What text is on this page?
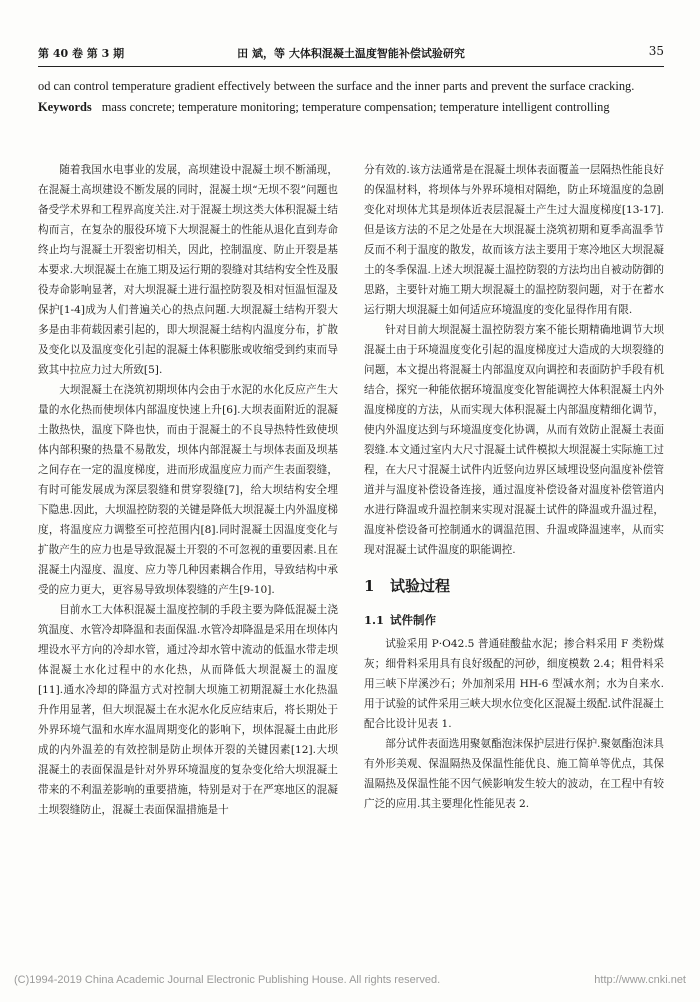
第 40 卷 第 3 期	田 斌，等 大体积混凝土温度智能补偿试验研究	35

od can control temperature gradient effectively between the surface and the inner parts and prevent the surface cracking.

Keywords mass concrete; temperature monitoring; temperature compensation; temperature intelligent controlling

随着我国水电事业的发展，高坝建设中混凝土坝不断涌现，在混凝土高坝建设不断发展的同时，混凝土坝“无坝不裂”问题也备受学术界和工程界高度关注.对于混凝土坝这类大体积混凝土结构而言，在复杂的服役环境下大坝混凝土的性能从退化直到寿命终止均与混凝土开裂密切相关，因此，控制温度、防止开裂是基本要求.大坝混凝土在施工期及运行期的裂缝对其结构安全性及服役寿命影响显著，对大坝混凝土进行温控防裂及相对恒温恒湿及保护[1-4]成为人们普遍关心的热点问题.大坝混凝土结构开裂大多是由非荷载因素引起的，即大坝混凝土结构内温度分布，扩散及变化以及温度变化引起的混凝土体积膨胀或收缩受到约束而导致其中拉应力过大所致[5].

大坝混凝土在浇筑初期坝体内会由于水泥的水化反应产生大量的水化热而使坝体内部温度快速上升[6].大坝表面附近的混凝土散热快，温度下降也快，而由于混凝土的不良导热特性致使坝体内部积聚的热量不易散发，坝体内部混凝土与坝体表面及坝基之间存在一定的温度梯度，进而形成温度应力而产生表面裂缝，有时可能发展成为深层裂缝和贯穿裂缝[7]，给大坝结构安全埋下隐患.因此，大坝温控防裂的关键是降低大坝混凝土内外温度梯度，将温度应力调整至可控范围内[8].同时混凝土因温度变化与扩散产生的应力也是导致混凝土开裂的不可忽视的重要因素.且在混凝土内湿度、温度、应力等几种因素耦合作用，导致结构中承受的应力更大，更容易导致坝体裂缝的产生[9-10].

目前水工大体积混凝土温度控制的手段主要为降低混凝土浇筑温度、水管冷却降温和表面保温.水管冷却降温是采用在坝体内埋设水平方向的冷却水管，通过冷却水管中流动的低温水带走坝体混凝土水化过程中的水化热，从而降低大坝混凝土的温度[11].通水冷却的降温方式对控制大坝施工初期混凝土水化热温升作用显著，但大坝混凝土在水泥水化反应结束后，将长期处于外界环境气温和水库水温周期变化的影响下，坝体混凝土由此形成的内外温差的有效控制是防止坝体开裂的关键因素[12].大坝混凝土的表面保温是针对外界环境温度的复杂变化给大坝混凝土带来的不利温差影响的重要措施，特别是对于在严寒地区的混凝土坝裂缝防止，混凝土表面保温措施是十

分有效的.该方法通常是在混凝土坝体表面覆盖一层隔热性能良好的保温材料，将坝体与外界环境相对隔绝，防止环境温度的急剧变化对坝体尤其是坝体近表层混凝土产生过大温度梯度[13-17].但是该方法的不足之处是在大坝混凝土浇筑初期和夏季高温季节反而不利于温度的散发，故而该方法主要用于寒冷地区大坝混凝土的冬季保温.上述大坝混凝土温控防裂的方法均出自被动防御的思路，主要针对施工期大坝混凝土的温控防裂问题，对于在蓄水运行期大坝混凝土如何适应环境温度的变化显得作用有限.

针对目前大坝混凝土温控防裂方案不能长期精确地调节大坝混凝土由于环境温度变化引起的温度梯度过大造成的大坝裂缝的问题，本文提出将混凝土内部温度双向调控和表面防护手段有机结合，探究一种能依据环境温度变化智能调控大体积混凝土内外温度梯度的方法，从而实现大体积混凝土内部温度精细化调节，使内外温度达到与环境温度变化协调，从而有效防止混凝土表面裂缝.本文通过室内大尺寸混凝土试件模拟大坝混凝土实际施工过程，在大尺寸混凝土试件内近竖向边界区域埋设竖向温度补偿管道并与温度补偿设备连接，通过温度补偿设备对温度补偿管道内水进行降温或升温控制来实现对混凝土试件的降温或升温过程，温度补偿设备可控制通水的调温范围、升温或降温速率，从而实现对混凝土试件温度的职能调控.

1 试验过程
1.1 试件制作

试验采用 P·O42.5 普通硅酸盐水泥；掺合料采用 F 类粉煤灰；细骨料采用具有良好级配的河砂，细度模数 2.4；粗骨料采用三峡下岸溪沙石；外加剂采用 HH-6 型减水剂；水为自来水.用于试验的试件采用三峡大坝水位变化区混凝土级配.试件混凝土配合比设计见表 1.

部分试件表面选用聚氨酯泡沫保护层进行保护.聚氨酯泡沫具有外形美观、保温隔热及保温性能优良、施工简单等优点，其保温隔热及保温性能不因气候影响发生较大的波动，在工程中有较广泛的应用.其主要理化性能见表 2.

(C)1994-2019 China Academic Journal Electronic Publishing House. All rights reserved.	http://www.cnki.net
